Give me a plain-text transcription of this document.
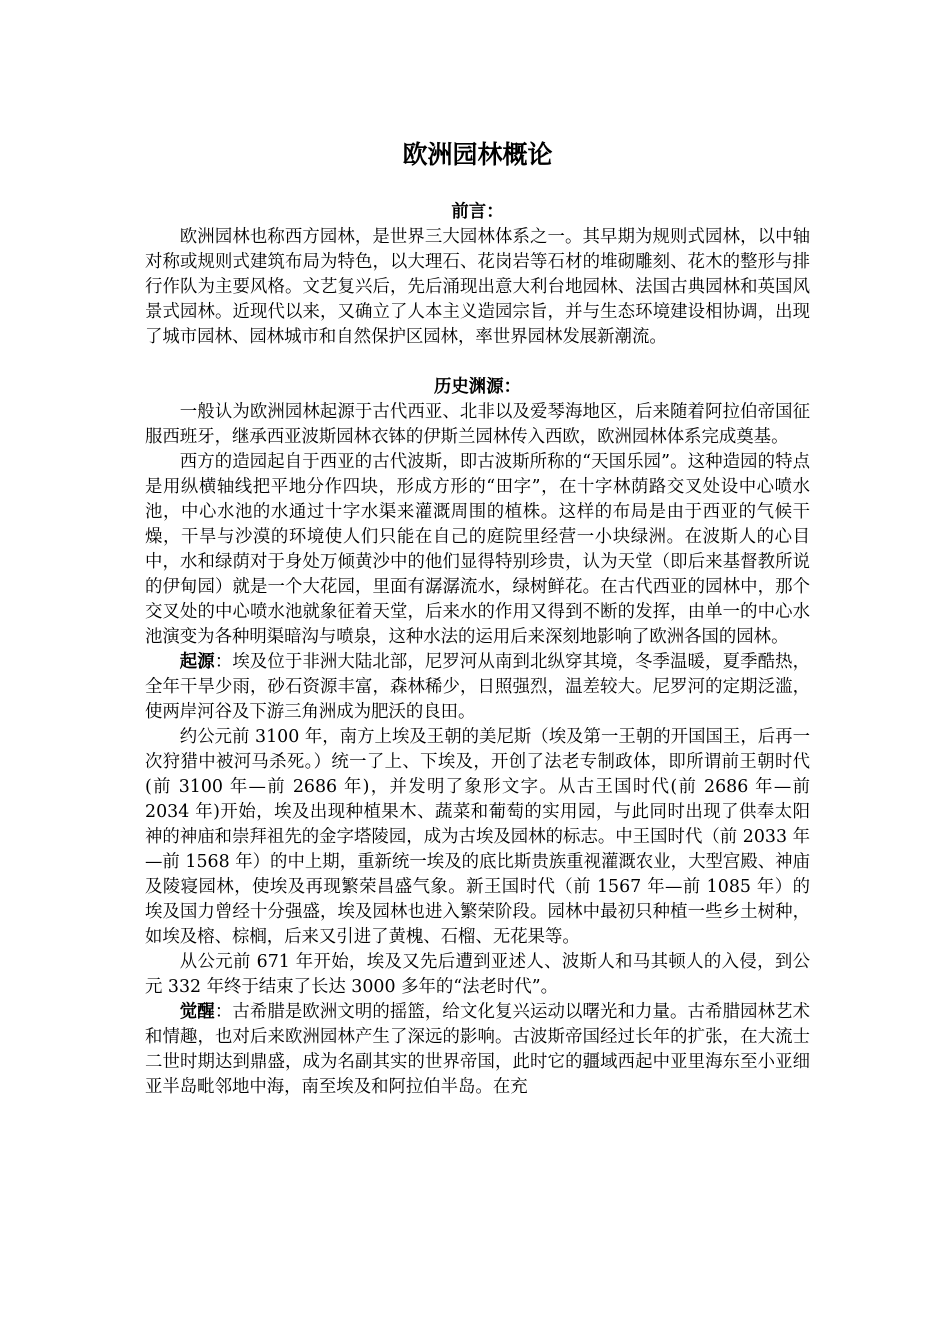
欧洲园林概论
前言：

欧洲园林也称西方园林，是世界三大园林体系之一。其早期为规则式园林，以中轴对称或规则式建筑布局为特色，以大理石、花岗岩等石材的堆砌雕刻、花木的整形与排行作队为主要风格。文艺复兴后，先后涌现出意大利台地园林、法国古典园林和英国风景式园林。近现代以来，又确立了人本主义造园宗旨，并与生态环境建设相协调，出现了城市园林、园林城市和自然保护区园林，率世界园林发展新潮流。

历史渊源：

一般认为欧洲园林起源于古代西亚、北非以及爱琴海地区，后来随着阿拉伯帝国征服西班牙，继承西亚波斯园林衣钵的伊斯兰园林传入西欧，欧洲园林体系完成奠基。

西方的造园起自于西亚的古代波斯，即古波斯所称的“天国乐园”。这种造园的特点是用纵横轴线把平地分作四块，形成方形的“田字”，在十字林荫路交叉处设中心喷水池，中心水池的水通过十字水渠来灌溉周围的植株。这样的布局是由于西亚的气候干燥，干旱与沙漠的环境使人们只能在自己的庭院里经营一小块绿洲。在波斯人的心目中，水和绿荫对于身处万倾黄沙中的他们显得特别珍贵，认为天堂（即后来基督教所说的伊甸园）就是一个大花园，里面有潺潺流水，绿树鲜花。在古代西亚的园林中，那个交叉处的中心喷水池就象征着天堂，后来水的作用又得到不断的发挥，由单一的中心水池演变为各种明渠暗沟与喷泉，这种水法的运用后来深刻地影响了欧洲各国的园林。

起源：埃及位于非洲大陆北部，尼罗河从南到北纵穿其境，冬季温暖，夏季酷热，全年干旱少雨，砂石资源丰富，森林稀少，日照强烈，温差较大。尼罗河的定期泛滥，使两岸河谷及下游三角洲成为肥沃的良田。

约公元前 3100 年，南方上埃及王朝的美尼斯（埃及第一王朝的开国国王，后再一次狩猎中被河马杀死。）统一了上、下埃及，开创了法老专制政体，即所谓前王朝时代(前 3100 年—前 2686 年)，并发明了象形文字。从古王国时代(前 2686 年—前 2034 年)开始，埃及出现种植果木、蔬菜和葡萄的实用园，与此同时出现了供奉太阳神的神庙和崇拜祖先的金字塔陵园，成为古埃及园林的标志。中王国时代（前 2033 年—前 1568 年）的中上期，重新统一埃及的底比斯贵族重视灌溉农业，大型宫殿、神庙及陵寝园林，使埃及再现繁荣昌盛气象。新王国时代（前 1567 年—前 1085 年）的埃及国力曾经十分强盛，埃及园林也进入繁荣阶段。园林中最初只种植一些乡土树种，如埃及榕、棕榈，后来又引进了黄槐、石榴、无花果等。

从公元前 671 年开始，埃及又先后遭到亚述人、波斯人和马其顿人的入侵，到公元 332 年终于结束了长达 3000 多年的“法老时代”。

觉醒：古希腊是欧洲文明的摇篮，给文化复兴运动以曙光和力量。古希腊园林艺术和情趣，也对后来欧洲园林产生了深远的影响。古波斯帝国经过长年的扩张，在大流士二世时期达到鼎盛，成为名副其实的世界帝国，此时它的疆域西起中亚里海东至小亚细亚半岛毗邻地中海，南至埃及和阿拉伯半岛。在充
